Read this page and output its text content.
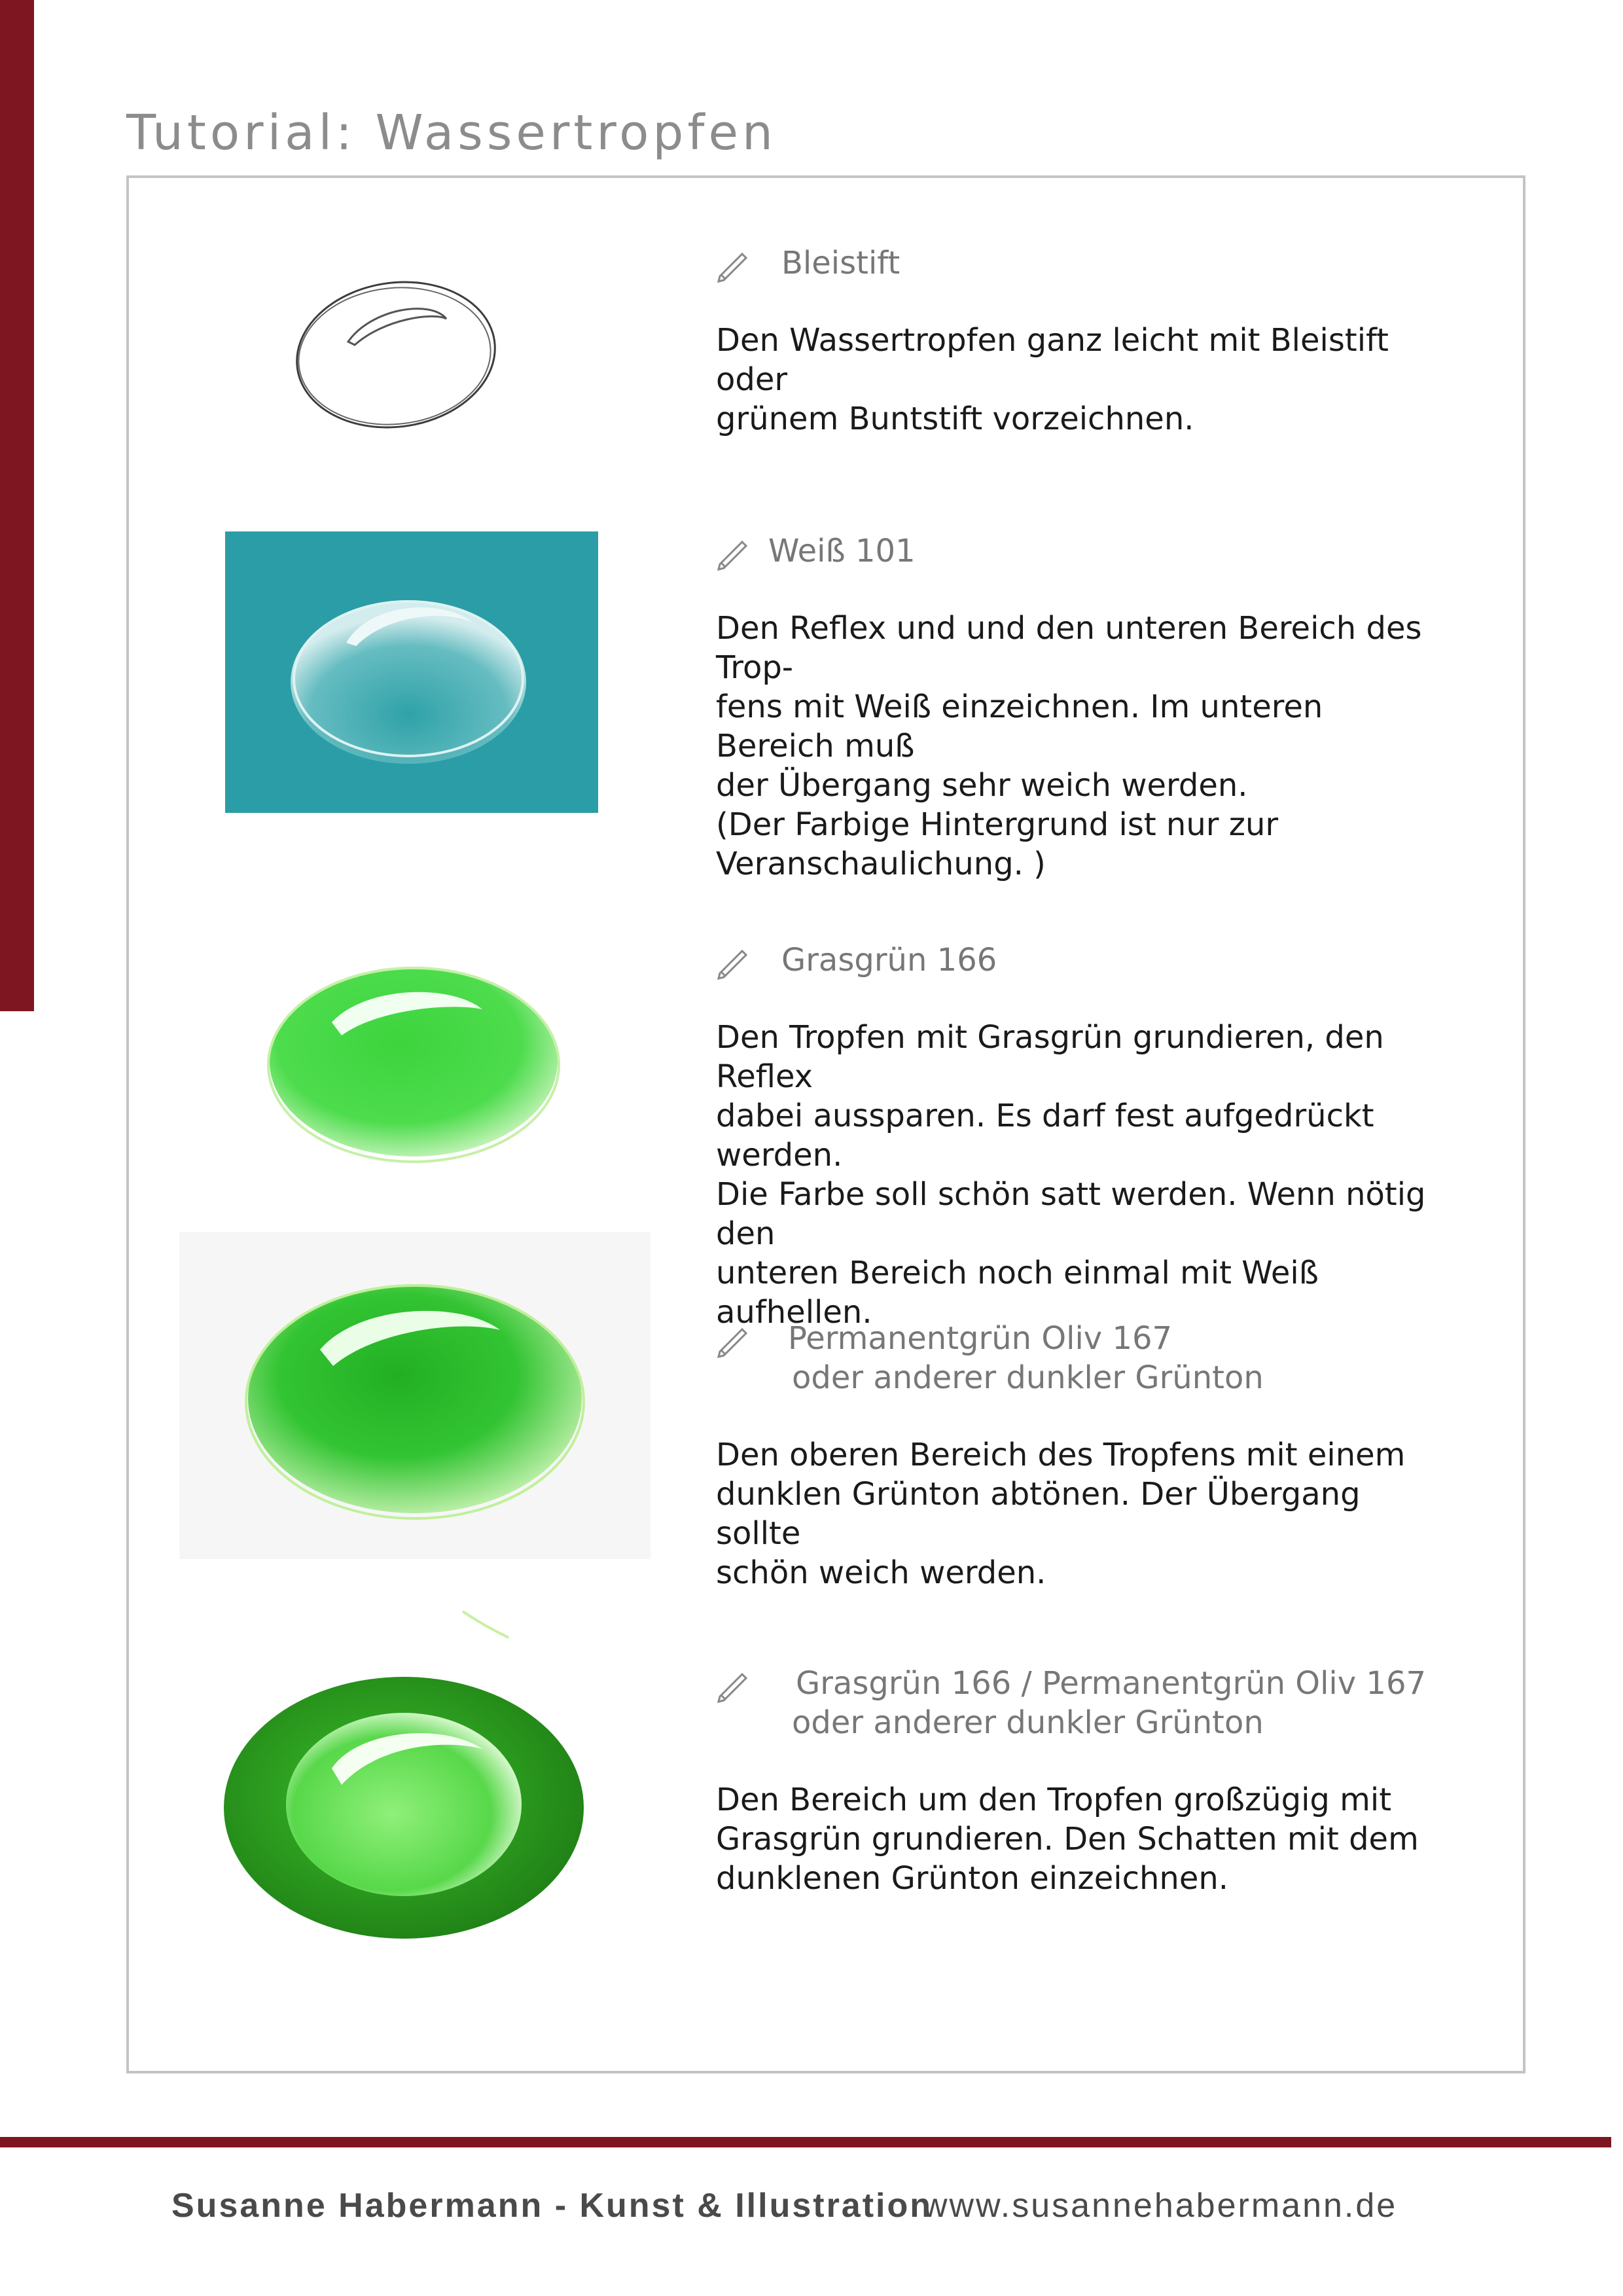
Tutorial: Wassertropfen
Bleistift

Den Wassertropfen ganz leicht mit Bleistift oder
grünem Buntstift vorzeichnen.

Weiß 101

Den Reflex und und den unteren Bereich des Trop-
fens mit Weiß einzeichnen. Im unteren Bereich muß
der Übergang sehr weich werden.
(Der Farbige Hintergrund ist nur zur
Veranschaulichung. )

Grasgrün 166

Den Tropfen mit Grasgrün grundieren, den Reflex
dabei aussparen. Es darf fest aufgedrückt werden.
Die Farbe soll schön satt werden. Wenn nötig den
unteren Bereich noch einmal mit Weiß aufhellen.

Permanentgrün Oliv 167
oder anderer dunkler Grünton

Den oberen Bereich des Tropfens mit einem
dunklen Grünton abtönen. Der Übergang sollte
schön weich werden.

Grasgrün 166 / Permanentgrün Oliv 167
oder anderer dunkler Grünton

Den Bereich um den Tropfen großzügig mit
Grasgrün grundieren. Den Schatten mit dem
dunklenen Grünton einzeichnen.

Susanne Habermann - Kunst & Illustration
www.susannehabermann.de
